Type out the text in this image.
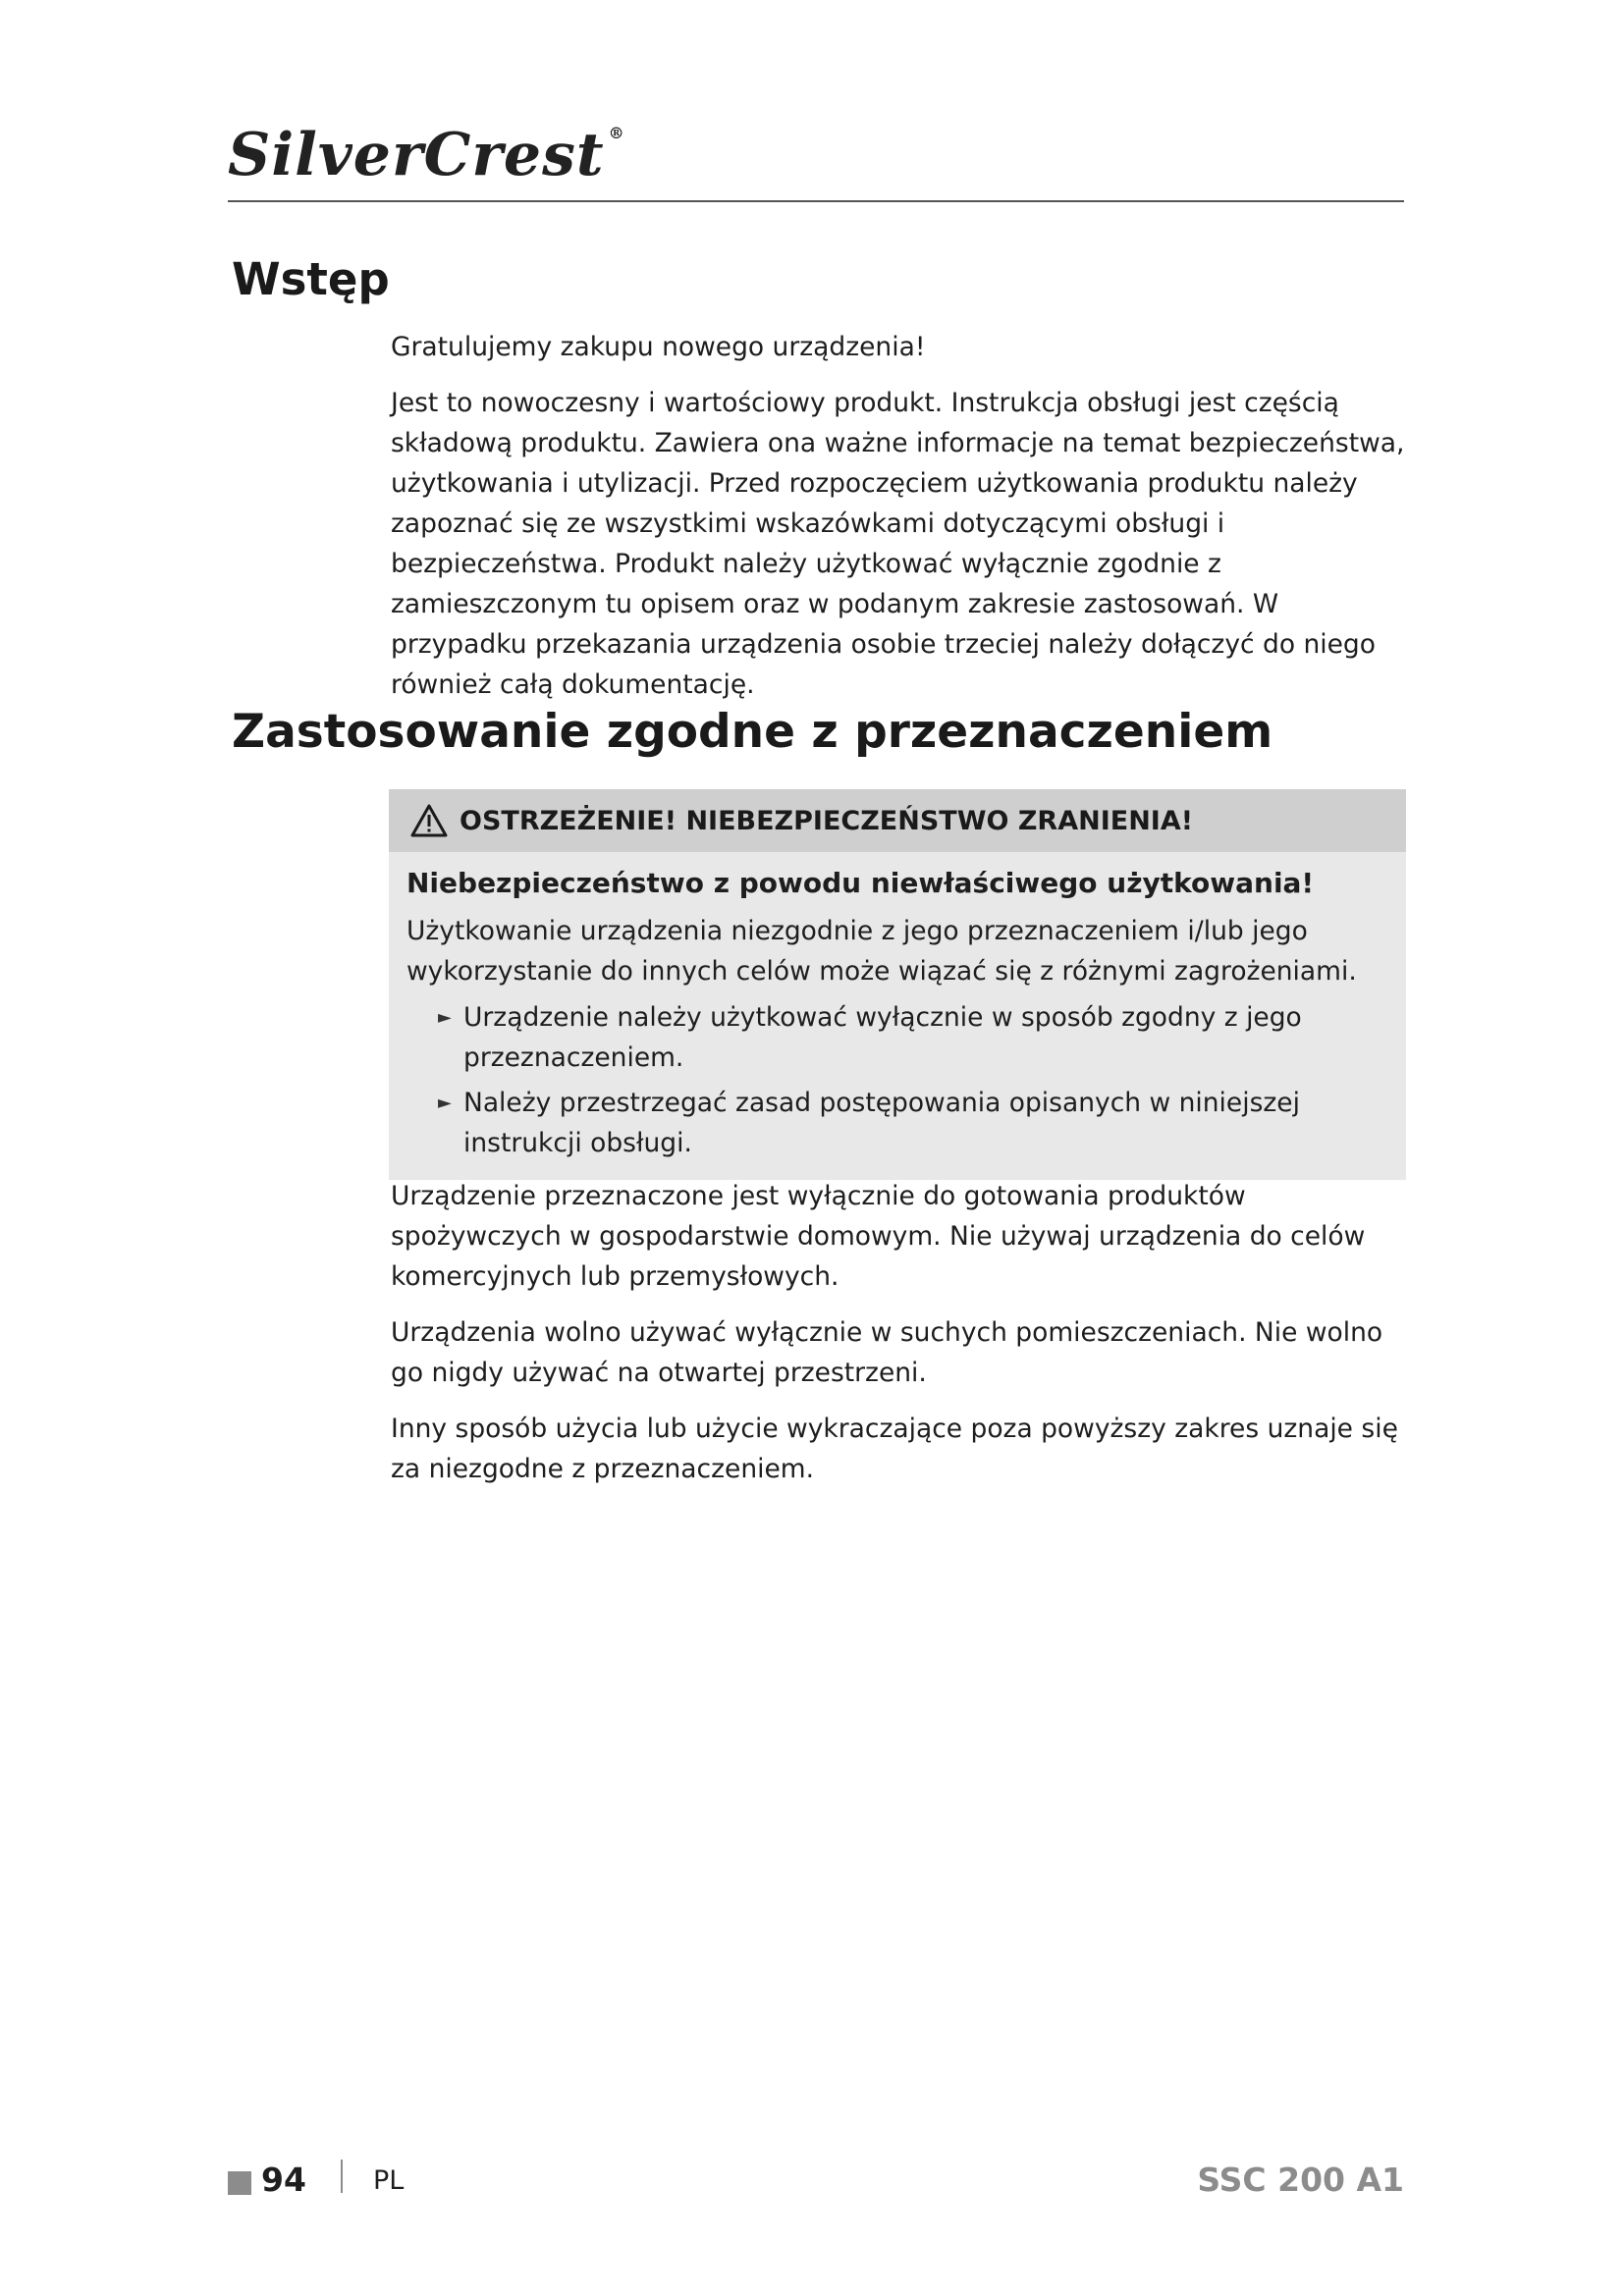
SilverCrest ®
Wstęp

Gratulujemy zakupu nowego urządzenia!

Jest to nowoczesny i wartościowy produkt. Instrukcja obsługi jest częścią składową produktu. Zawiera ona ważne informacje na temat bezpieczeństwa, użytkowania i utylizacji. Przed rozpoczęciem użytkowania produktu należy zapoznać się ze wszystkimi wskazówkami dotyczącymi obsługi i bezpieczeństwa. Produkt należy użytkować wyłącznie zgodnie z zamieszczonym tu opisem oraz w podanym zakresie zastosowań. W przypadku przekazania urządzenia osobie trzeciej należy dołączyć do niego również całą dokumentację.

Zastosowanie zgodne z przeznaczeniem
OSTRZEŻENIE! NIEBEZPIECZEŃSTWO ZRANIENIA!

Niebezpieczeństwo z powodu niewłaściwego użytkowania!

Użytkowanie urządzenia niezgodnie z jego przeznaczeniem i/lub jego wykorzystanie do innych celów może wiązać się z różnymi zagrożeniami.

► Urządzenie należy użytkować wyłącznie w sposób zgodny z jego przeznaczeniem.
► Należy przestrzegać zasad postępowania opisanych w niniejszej instrukcji obsługi.

Urządzenie przeznaczone jest wyłącznie do gotowania produktów spożywczych w gospodarstwie domowym. Nie używaj urządzenia do celów komercyjnych lub przemysłowych.

Urządzenia wolno używać wyłącznie w suchych pomieszczeniach. Nie wolno go nigdy używać na otwartej przestrzeni.

Inny sposób użycia lub użycie wykraczające poza powyższy zakres uznaje się za niezgodne z przeznaczeniem.

94	PL	SSC 200 A1
